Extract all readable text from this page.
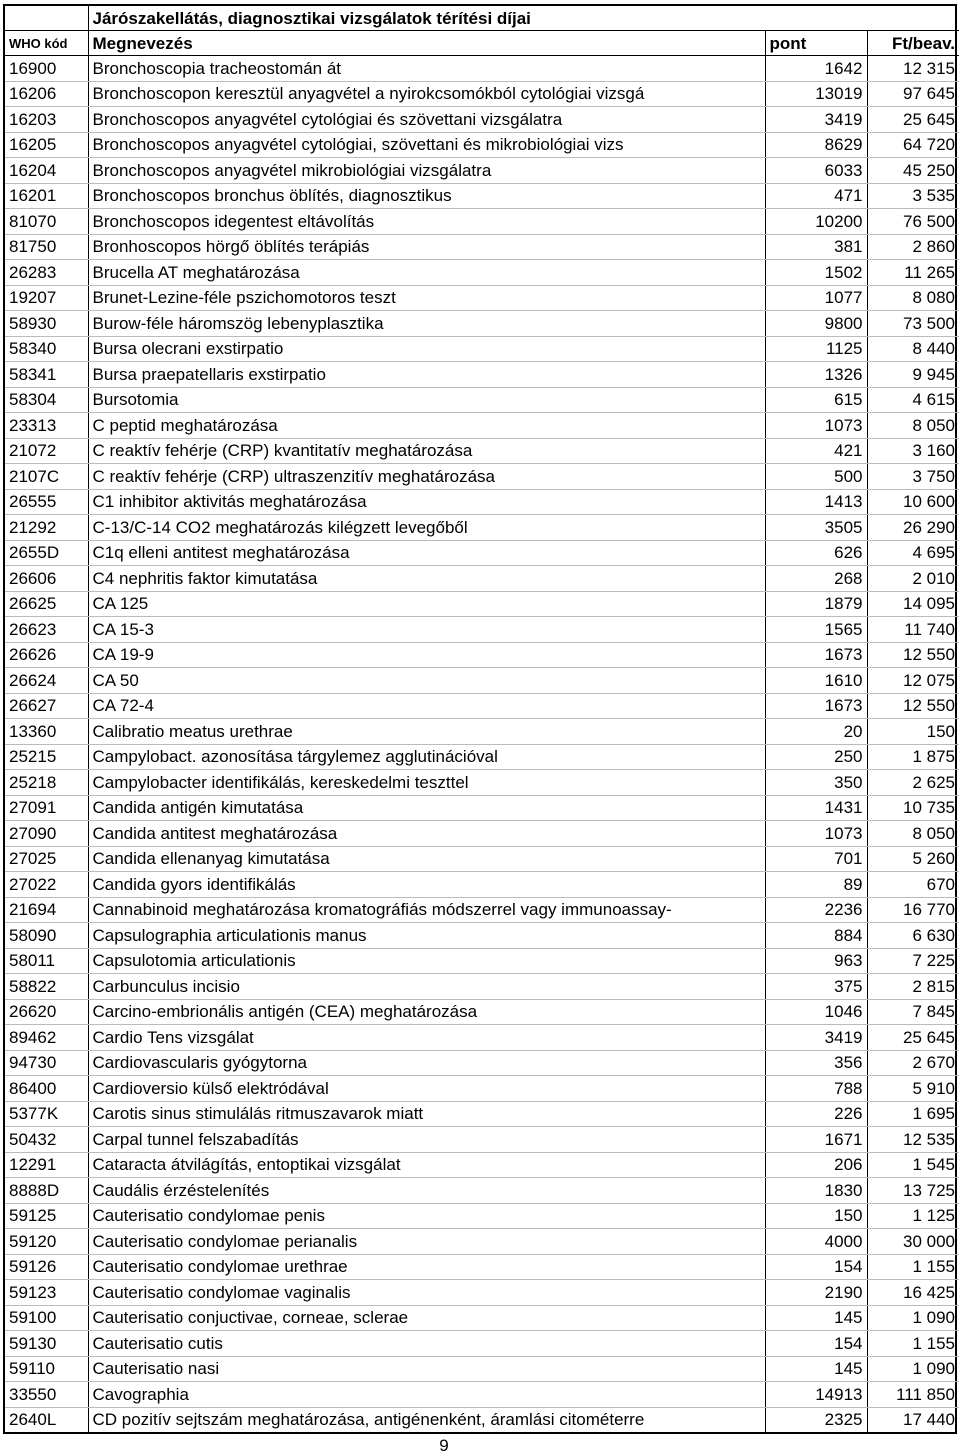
	Járószakellátás, diagnosztikai vizsgálatok térítési díjai		
WHO kód	Megnevezés	pont	Ft/beav.
16900	Bronchoscopia tracheostomán át	1642	12 315
16206	Bronchoscopon keresztül anyagvétel a nyirokcsomókból cytológiai vizsgá	13019	97 645
16203	Bronchoscopos anyagvétel cytológiai és szövettani vizsgálatra	3419	25 645
16205	Bronchoscopos anyagvétel cytológiai, szövettani és mikrobiológiai vizs	8629	64 720
16204	Bronchoscopos anyagvétel mikrobiológiai vizsgálatra	6033	45 250
16201	Bronchoscopos bronchus öblítés, diagnosztikus	471	3 535
81070	Bronchoscopos idegentest eltávolítás	10200	76 500
81750	Bronhoscopos hörgő öblítés terápiás	381	2 860
26283	Brucella AT meghatározása	1502	11 265
19207	Brunet-Lezine-féle pszichomotoros teszt	1077	8 080
58930	Burow-féle háromszög lebenyplasztika	9800	73 500
58340	Bursa olecrani exstirpatio	1125	8 440
58341	Bursa praepatellaris exstirpatio	1326	9 945
58304	Bursotomia	615	4 615
23313	C peptid meghatározása	1073	8 050
21072	C reaktív fehérje (CRP) kvantitatív meghatározása	421	3 160
2107C	C reaktív fehérje (CRP) ultraszenzitív meghatározása	500	3 750
26555	C1 inhibitor aktivitás meghatározása	1413	10 600
21292	C-13/C-14 CO2 meghatározás kilégzett levegőből	3505	26 290
2655D	C1q elleni antitest meghatározása	626	4 695
26606	C4 nephritis faktor kimutatása	268	2 010
26625	CA 125	1879	14 095
26623	CA 15-3	1565	11 740
26626	CA 19-9	1673	12 550
26624	CA 50	1610	12 075
26627	CA 72-4	1673	12 550
13360	Calibratio meatus urethrae	20	150
25215	Campylobact. azonosítása tárgylemez agglutinációval	250	1 875
25218	Campylobacter identifikálás, kereskedelmi teszttel	350	2 625
27091	Candida antigén kimutatása	1431	10 735
27090	Candida antitest meghatározása	1073	8 050
27025	Candida ellenanyag kimutatása	701	5 260
27022	Candida gyors identifikálás	89	670
21694	Cannabinoid meghatározása kromatográfiás módszerrel vagy immunoassay-	2236	16 770
58090	Capsulographia articulationis manus	884	6 630
58011	Capsulotomia articulationis	963	7 225
58822	Carbunculus incisio	375	2 815
26620	Carcino-embrionális antigén (CEA) meghatározása	1046	7 845
89462	Cardio Tens vizsgálat	3419	25 645
94730	Cardiovascularis gyógytorna	356	2 670
86400	Cardioversio külső elektródával	788	5 910
5377K	Carotis sinus stimulálás ritmuszavarok miatt	226	1 695
50432	Carpal tunnel felszabadítás	1671	12 535
12291	Cataracta átvilágítás, entoptikai vizsgálat	206	1 545
8888D	Caudális érzéstelenítés	1830	13 725
59125	Cauterisatio condylomae penis	150	1 125
59120	Cauterisatio condylomae perianalis	4000	30 000
59126	Cauterisatio condylomae urethrae	154	1 155
59123	Cauterisatio condylomae vaginalis	2190	16 425
59100	Cauterisatio conjuctivae, corneae, sclerae	145	1 090
59130	Cauterisatio cutis	154	1 155
59110	Cauterisatio nasi	145	1 090
33550	Cavographia	14913	111 850
2640L	CD pozitív sejtszám meghatározása, antigénenként, áramlási citométerre	2325	17 440
9
